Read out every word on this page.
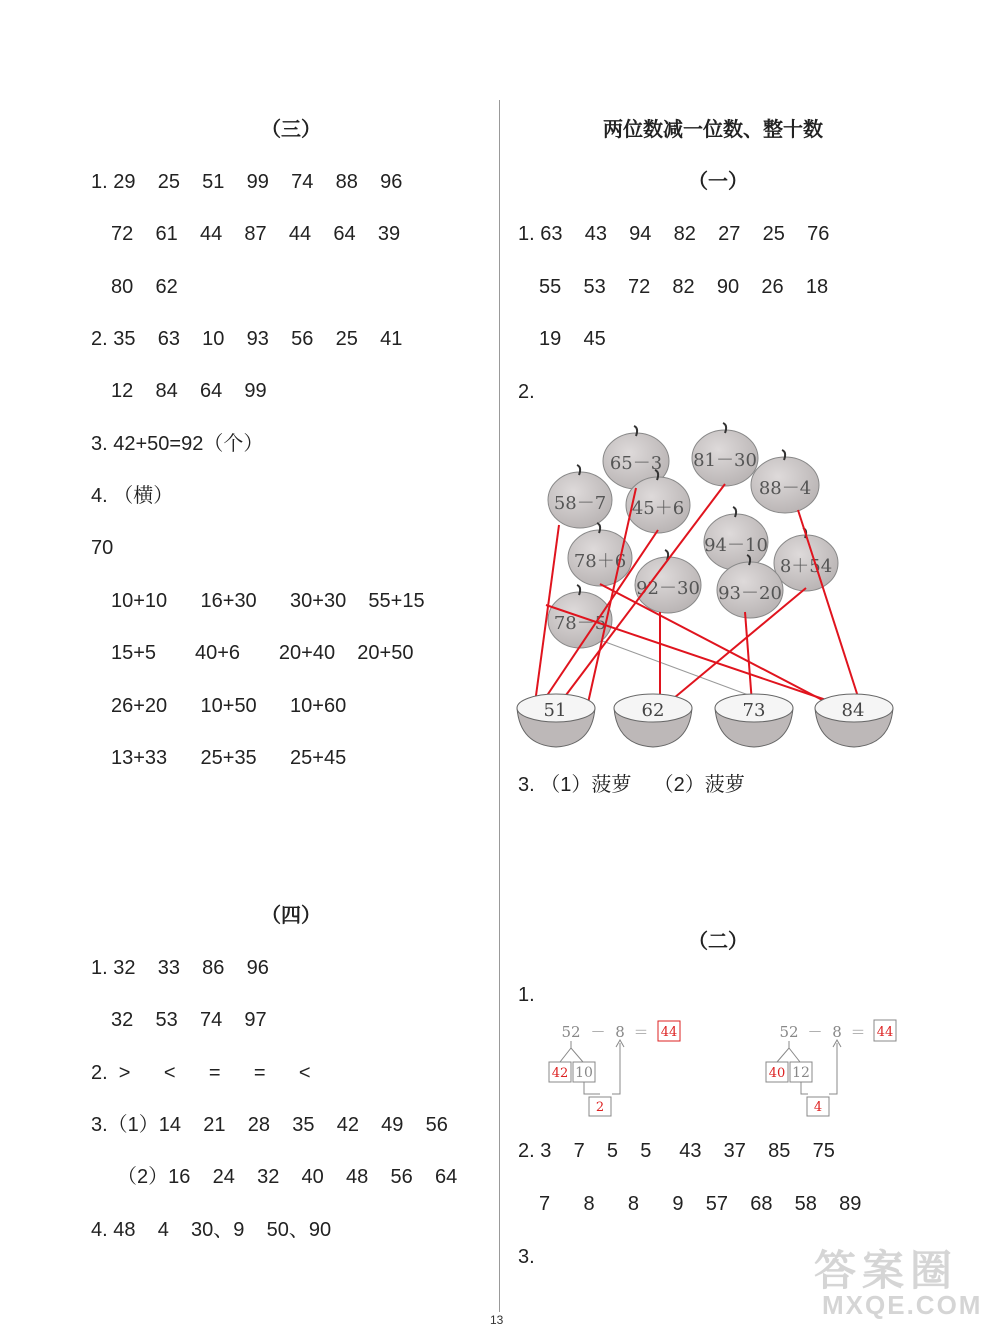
（三）
1. 29    25    51    99    74    88    96
72    61    44    87    44    64    39
80    62
2. 35    63    10    93    56    25    41
12    84    64    99
3. 42+50=92（个）
4. （横）
70
10+10      16+30      30+30    55+15
15+5       40+6       20+40    20+50
26+20      10+50      10+60
13+33      25+35      25+45
（四）
1. 32    33    86    96
32    53    74    97
2.  >      <      =      =      <
3.（1）14    21    28    35    42    49    56
（2）16    24    32    40    48    56    64
4. 48    4    30、9    50、90
两位数减一位数、整十数
（一）
1. 63    43    94    82    27    25    76
55    53    72    82    90    26    18
19    45
2.
65－3 81－30
88－4
58－7 45＋6
94－10
78＋6
92－30
8＋54
93－20
78－5
51	62	73	84
3. （1）菠萝    （2）菠萝
（二）
1.
52 － 8 ＝ 44
42 10
2
52 － 8 ＝ 44
40 12
4
2. 3    7    5    5     43    37    85    75
7      8      8      9    57    68    58    89
3.	答案圈
MXQE.COM
13
